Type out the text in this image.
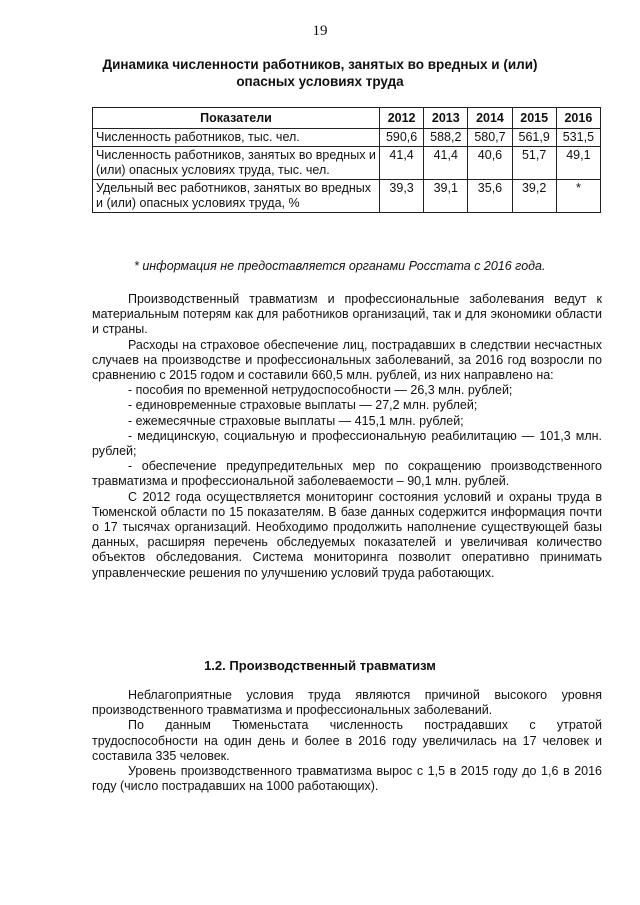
19
Динамика численности работников, занятых во вредных и (или) опасных условиях труда
Показатели	2012	2013	2014	2015	2016
Численность работников, тыс. чел.	590,6	588,2	580,7	561,9	531,5
Численность работников, занятых во вредных и (или) опасных условиях труда, тыс. чел.	41,4	41,4	40,6	51,7	49,1
Удельный вес работников, занятых во вредных и (или) опасных условиях труда, %	39,3	39,1	35,6	39,2	*
* информация не предоставляется органами Росстата с 2016 года.

Производственный травматизм и профессиональные заболевания ведут к материальным потерям как для работников организаций, так и для экономики области и страны.

Расходы на страховое обеспечение лиц, пострадавших в следствии несчастных случаев на производстве и профессиональных заболеваний, за 2016 год возросли по сравнению с 2015 годом и составили 660,5 млн. рублей, из них направлено на:

- пособия по временной нетрудоспособности — 26,3 млн. рублей;

- единовременные страховые выплаты — 27,2 млн. рублей;

- ежемесячные страховые выплаты — 415,1 млн. рублей;

- медицинскую, социальную и профессиональную реабилитацию — 101,3 млн. рублей;

- обеспечение предупредительных мер по сокращению производственного травматизма и профессиональной заболеваемости – 90,1 млн. рублей.

С 2012 года осуществляется мониторинг состояния условий и охраны труда в Тюменской области по 15 показателям. В базе данных содержится информация почти о 17 тысячах организаций. Необходимо продолжить наполнение существующей базы данных, расширяя перечень обследуемых показателей и увеличивая количество объектов обследования. Система мониторинга позволит оперативно принимать управленческие решения по улучшению условий труда работающих.

1.2. Производственный травматизм

Неблагоприятные условия труда являются причиной высокого уровня производственного травматизма и профессиональных заболеваний.

По данным Тюменьстата численность пострадавших с утратой трудоспособности на один день и более в 2016 году увеличилась на 17 человек и составила 335 человек.

Уровень производственного травматизма вырос с 1,5 в 2015 году до 1,6 в 2016 году (число пострадавших на 1000 работающих).
